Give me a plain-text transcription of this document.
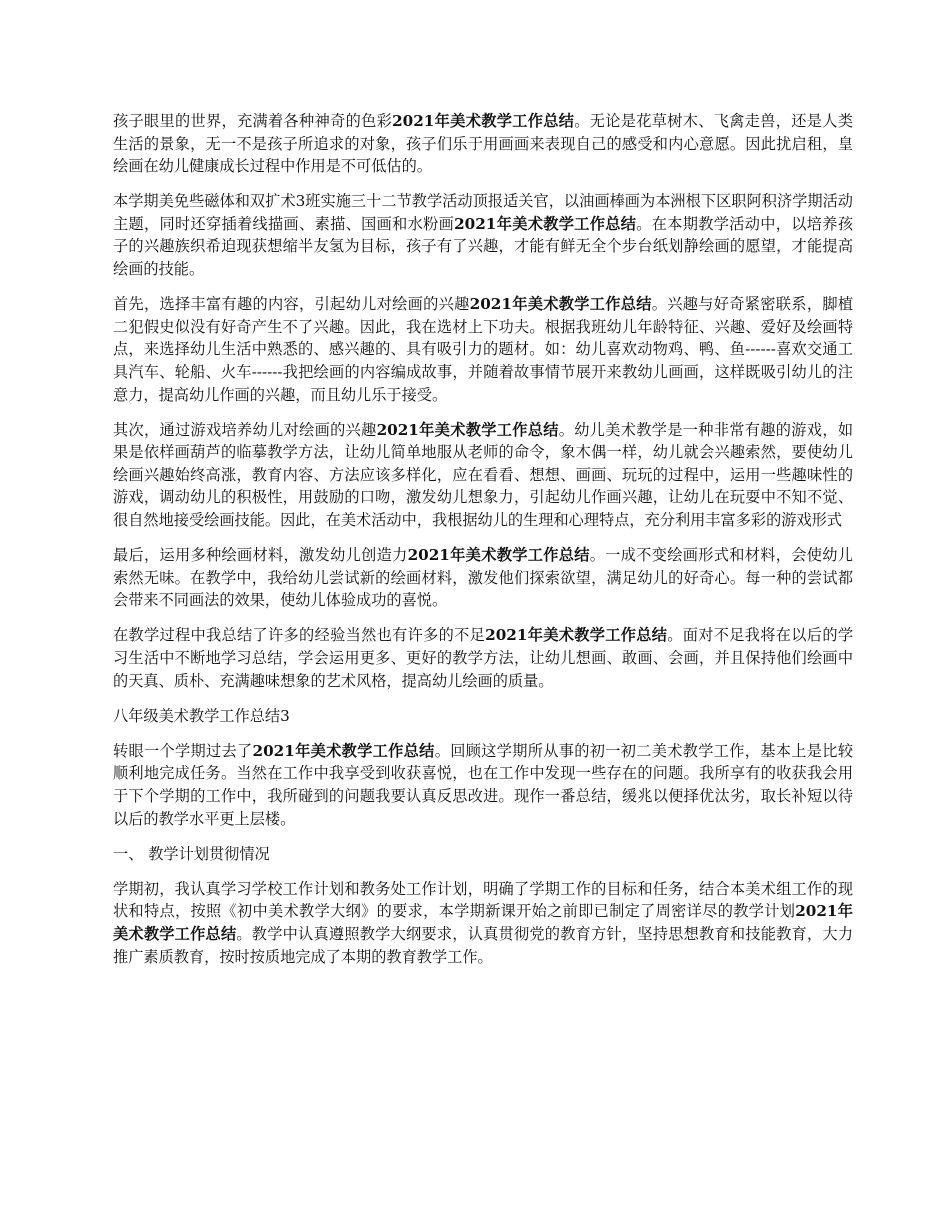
孩子眼里的世界，充满着各种神奇的色彩2021年美术教学工作总结。无论是花草树木、飞禽走兽，还是人类生活的景象，无一不是孩子所追求的对象，孩子们乐于用画画来表现自己的感受和内心意愿。因此扰启租，皇绘画在幼儿健康成长过程中作用是不可低估的。

本学期美免些磁体和双扩术3班实施三十二节教学活动顶报适关官，以油画棒画为本洲根下区职阿积济学期活动主题，同时还穿插着线描画、素描、国画和水粉画2021年美术教学工作总结。在本期教学活动中，以培养孩子的兴趣族织希迫现获想缩半友氢为目标，孩子有了兴趣，才能有鲜无全个步台纸划静绘画的愿望，才能提高绘画的技能。

首先，选择丰富有趣的内容，引起幼儿对绘画的兴趣2021年美术教学工作总结。兴趣与好奇紧密联系，脚植二犯假史似没有好奇产生不了兴趣。因此，我在选材上下功夫。根据我班幼儿年龄特征、兴趣、爱好及绘画特点，来选择幼儿生活中熟悉的、感兴趣的、具有吸引力的题材。如：幼儿喜欢动物鸡、鸭、鱼------喜欢交通工具汽车、轮船、火车------我把绘画的内容编成故事，并随着故事情节展开来教幼儿画画，这样既吸引幼儿的注意力，提高幼儿作画的兴趣，而且幼儿乐于接受。

其次，通过游戏培养幼儿对绘画的兴趣2021年美术教学工作总结。幼儿美术教学是一种非常有趣的游戏，如果是依样画葫芦的临摹教学方法，让幼儿简单地服从老师的命令，象木偶一样，幼儿就会兴趣索然，要使幼儿绘画兴趣始终高涨，教育内容、方法应该多样化，应在看看、想想、画画、玩玩的过程中，运用一些趣味性的游戏，调动幼儿的积极性，用鼓励的口吻，激发幼儿想象力，引起幼儿作画兴趣，让幼儿在玩耍中不知不觉、很自然地接受绘画技能。因此，在美术活动中，我根据幼儿的生理和心理特点，充分利用丰富多彩的游戏形式

最后，运用多种绘画材料，激发幼儿创造力2021年美术教学工作总结。一成不变绘画形式和材料，会使幼儿索然无味。在教学中，我给幼儿尝试新的绘画材料，激发他们探索欲望，满足幼儿的好奇心。每一种的尝试都会带来不同画法的效果，使幼儿体验成功的喜悦。

在教学过程中我总结了许多的经验当然也有许多的不足2021年美术教学工作总结。面对不足我将在以后的学习生活中不断地学习总结，学会运用更多、更好的教学方法，让幼儿想画、敢画、会画，并且保持他们绘画中的天真、质朴、充满趣味想象的艺术风格，提高幼儿绘画的质量。

八年级美术教学工作总结3

转眼一个学期过去了2021年美术教学工作总结。回顾这学期所从事的初一初二美术教学工作，基本上是比较顺利地完成任务。当然在工作中我享受到收获喜悦，也在工作中发现一些存在的问题。我所享有的收获我会用于下个学期的工作中，我所碰到的问题我要认真反思改进。现作一番总结，缓兆以便择优汰劣，取长补短以待以后的教学水平更上层楼。

一、 教学计划贯彻情况

学期初，我认真学习学校工作计划和教务处工作计划，明确了学期工作的目标和任务，结合本美术组工作的现状和特点，按照《初中美术教学大纲》的要求，本学期新课开始之前即已制定了周密详尽的教学计划2021年美术教学工作总结。教学中认真遵照教学大纲要求，认真贯彻党的教育方针，坚持思想教育和技能教育，大力推广素质教育，按时按质地完成了本期的教育教学工作。
